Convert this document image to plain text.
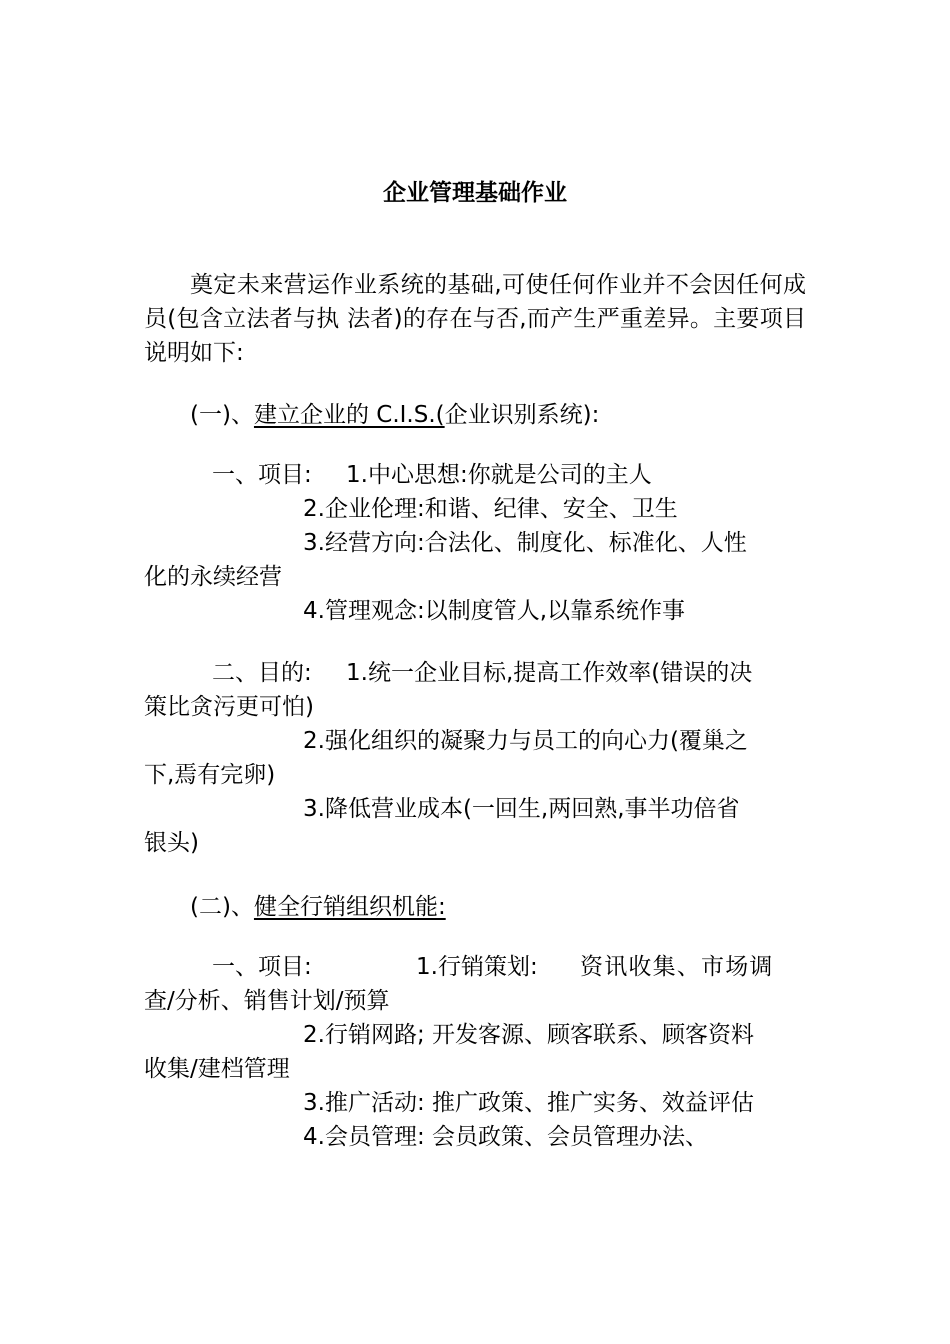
企业管理基础作业
奠定未来营运作业系统的基础,可使任何作业并不会因任何成员(包含立法者与执 法者)的存在与否,而产生严重差异。主要项目说明如下:
(一)、建立企业的 C.I.S.(企业识别系统):
一、项目: 1.中心思想:你就是公司的主人
2.企业伦理:和谐、纪律、安全、卫生
3.经营方向:合法化、制度化、标准化、人性
化的永续经营
4.管理观念:以制度管人,以靠系统作事
二、目的: 1.统一企业目标,提高工作效率(错误的决
策比贪污更可怕)
2.强化组织的凝聚力与员工的向心力(覆巢之
下,焉有完卵)
3.降低营业成本(一回生,两回熟,事半功倍省
银头)
(二)、健全行销组织机能:
一、项目:	1.行销策划: 资讯收集、市场调
查/分析、销售计划/预算
2.行销网路; 开发客源、顾客联系、顾客资料
收集/建档管理
3.推广活动: 推广政策、推广实务、效益评估
4.会员管理: 会员政策、会员管理办法、
